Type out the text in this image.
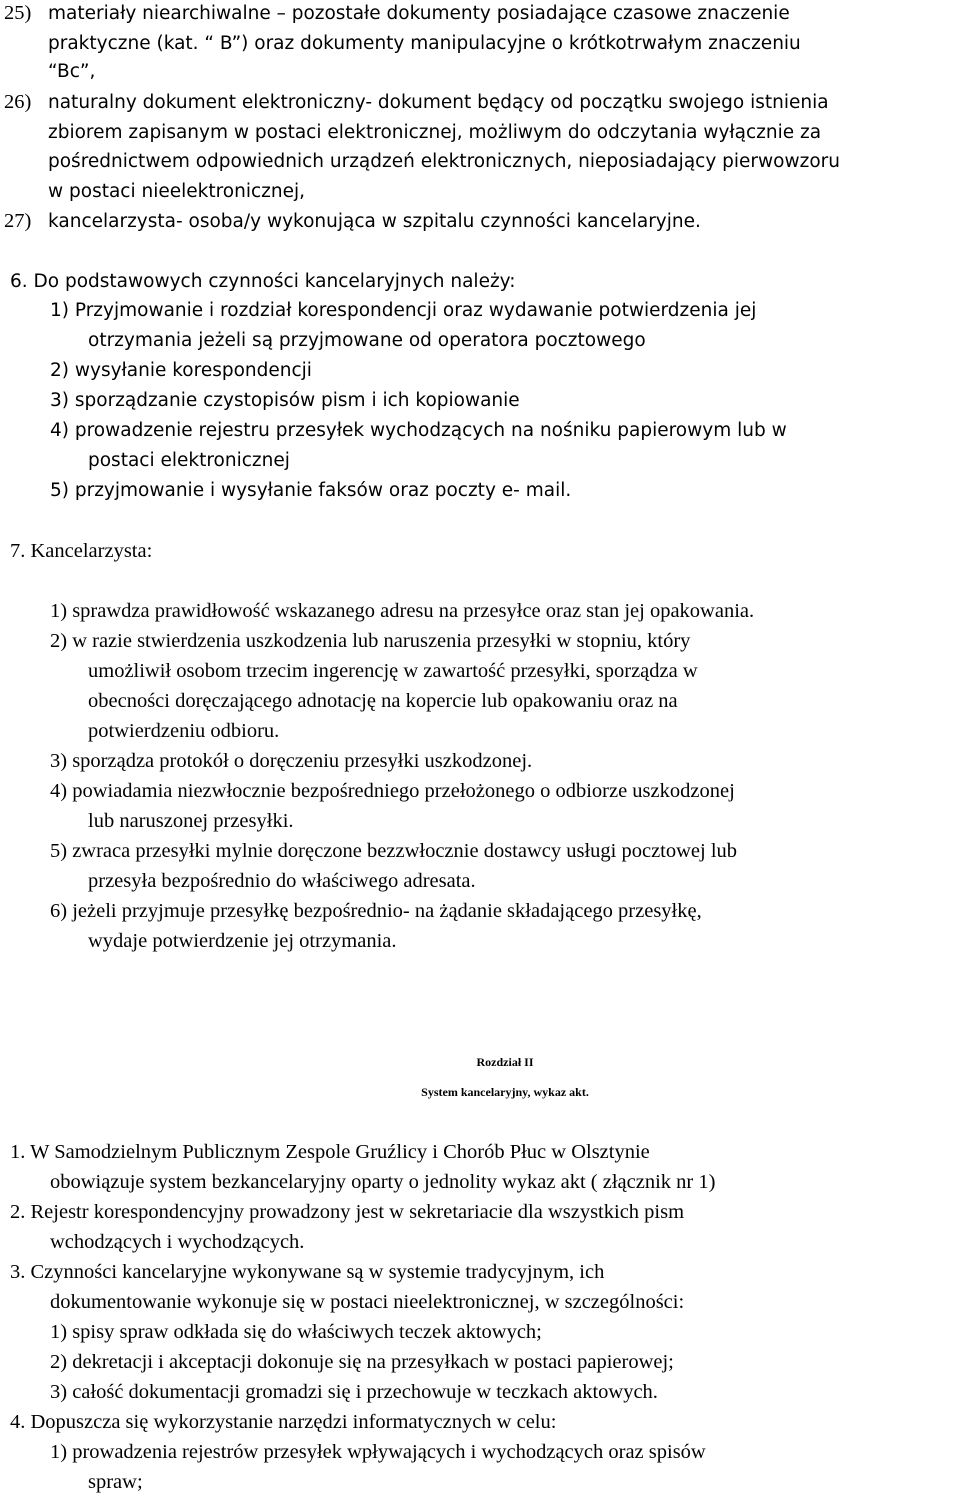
25) materiały niearchiwalne – pozostałe dokumenty posiadające czasowe znaczenie
praktyczne (kat. “ B”) oraz dokumenty manipulacyjne o krótkotrwałym znaczeniu
“Bc”,
26) naturalny dokument elektroniczny- dokument będący od początku swojego istnienia
zbiorem zapisanym w postaci elektronicznej, możliwym do odczytania wyłącznie za
pośrednictwem odpowiednich urządzeń elektronicznych, nieposiadający pierwowzoru
w postaci nieelektronicznej,
27) kancelarzysta- osoba/y wykonująca w szpitalu czynności kancelaryjne.
6. Do podstawowych czynności kancelaryjnych należy:
1) Przyjmowanie i rozdział korespondencji oraz wydawanie potwierdzenia jej
otrzymania jeżeli są przyjmowane od operatora pocztowego
2) wysyłanie korespondencji
3) sporządzanie czystopisów pism i ich kopiowanie
4) prowadzenie rejestru przesyłek wychodzących na nośniku papierowym lub w
postaci elektronicznej
5) przyjmowanie i wysyłanie faksów oraz poczty e- mail.
7. Kancelarzysta:
1) sprawdza prawidłowość wskazanego adresu na przesyłce oraz stan jej opakowania.
2) w razie stwierdzenia uszkodzenia lub naruszenia przesyłki w stopniu, który
umożliwił osobom trzecim ingerencję w zawartość przesyłki, sporządza w
obecności doręczającego adnotację na kopercie lub opakowaniu oraz na
potwierdzeniu odbioru.
3) sporządza protokół o doręczeniu przesyłki uszkodzonej.
4) powiadamia niezwłocznie bezpośredniego przełożonego o odbiorze uszkodzonej
lub naruszonej przesyłki.
5) zwraca przesyłki mylnie doręczone bezzwłocznie dostawcy usługi pocztowej lub
przesyła bezpośrednio do właściwego adresata.
6) jeżeli przyjmuje przesyłkę bezpośrednio- na żądanie składającego przesyłkę,
wydaje potwierdzenie jej otrzymania.
Rozdział II
System kancelaryjny, wykaz akt.
1. W Samodzielnym Publicznym Zespole Gruźlicy i Chorób Płuc w Olsztynie
obowiązuje system bezkancelaryjny oparty o jednolity wykaz akt ( złącznik nr 1)
2. Rejestr korespondencyjny prowadzony jest w sekretariacie dla wszystkich pism
wchodzących i wychodzących.
3. Czynności kancelaryjne wykonywane są w systemie tradycyjnym, ich
dokumentowanie wykonuje się w postaci nieelektronicznej, w szczególności:
1) spisy spraw odkłada się do właściwych teczek aktowych;
2) dekretacji i akceptacji dokonuje się na przesyłkach w postaci papierowej;
3) całość dokumentacji gromadzi się i przechowuje w teczkach aktowych.
4. Dopuszcza się wykorzystanie narzędzi informatycznych w celu:
1) prowadzenia rejestrów przesyłek wpływających i wychodzących oraz spisów
spraw;
